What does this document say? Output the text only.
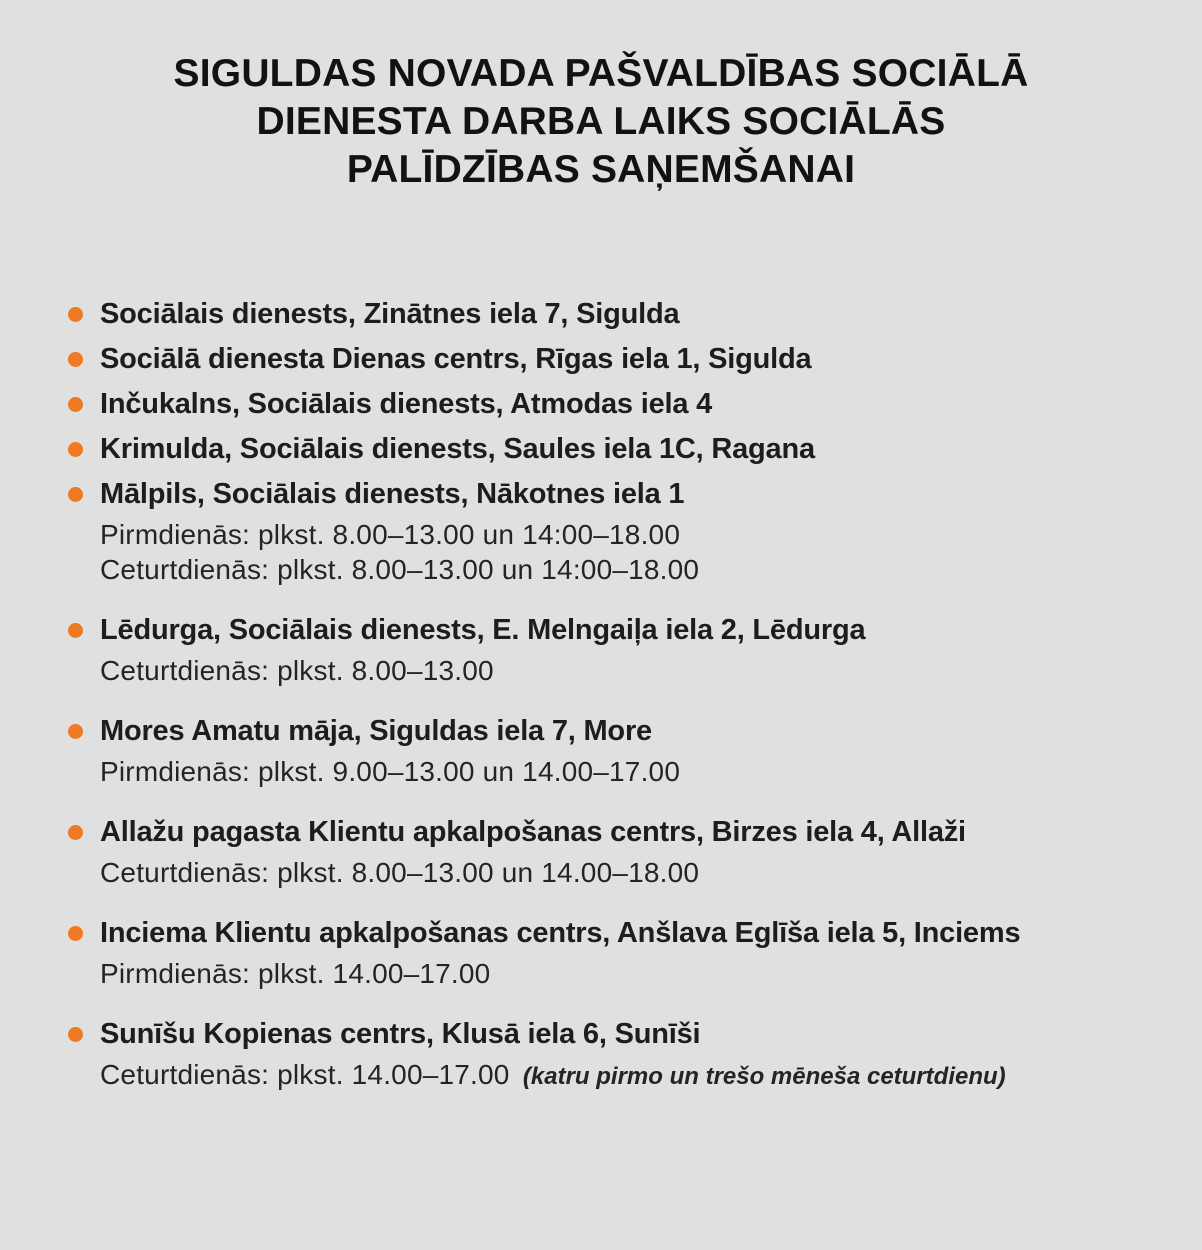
SIGULDAS NOVADA PAŠVALDĪBAS SOCIĀLĀ
DIENESTA DARBA LAIKS SOCIĀLĀS
PALĪDZĪBAS SAŅEMŠANAI
Sociālais dienests, Zinātnes iela 7, Sigulda
Sociālā dienesta Dienas centrs, Rīgas iela 1, Sigulda
Inčukalns, Sociālais dienests, Atmodas iela 4
Krimulda, Sociālais dienests, Saules iela 1C, Ragana
Mālpils, Sociālais dienests, Nākotnes iela 1
Pirmdienās: plkst. 8.00–13.00 un 14:00–18.00
Ceturtdienās: plkst. 8.00–13.00 un 14:00–18.00
Lēdurga, Sociālais dienests, E. Melngaiļa iela 2, Lēdurga
Ceturtdienās: plkst. 8.00–13.00
Mores Amatu māja, Siguldas iela 7, More
Pirmdienās: plkst. 9.00–13.00 un 14.00–17.00
Allažu pagasta Klientu apkalpošanas centrs, Birzes iela 4, Allaži
Ceturtdienās: plkst. 8.00–13.00 un 14.00–18.00
Inciema Klientu apkalpošanas centrs, Anšlava Eglīša iela 5, Inciems
Pirmdienās: plkst. 14.00–17.00
Sunīšu Kopienas centrs, Klusā iela 6, Sunīši
Ceturtdienās: plkst. 14.00–17.00  (katru pirmo un trešo mēneša ceturtdienu)
